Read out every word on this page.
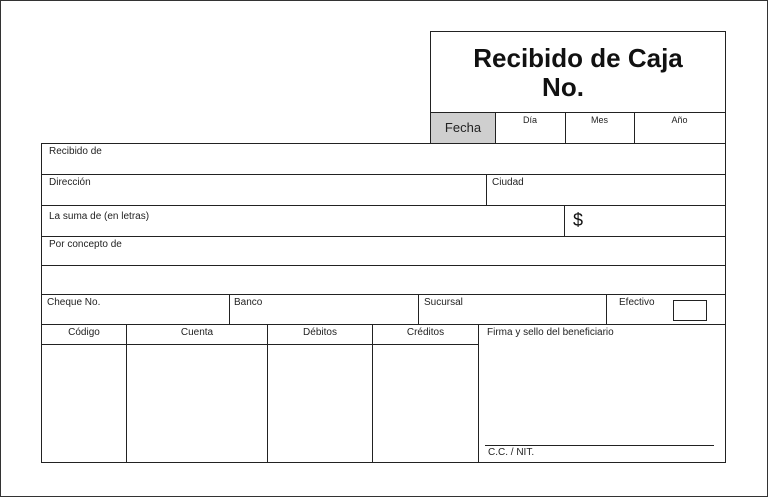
Recibido de Caja
No.
Fecha	Día	Mes	Año
Recibido de
Dirección	Ciudad
La suma de (en letras)	$
Por concepto de
Cheque No.	Banco	Sucursal	Efectivo
Código	Cuenta	Débitos	Créditos	Firma y sello del beneficiario
C.C. / NIT.
